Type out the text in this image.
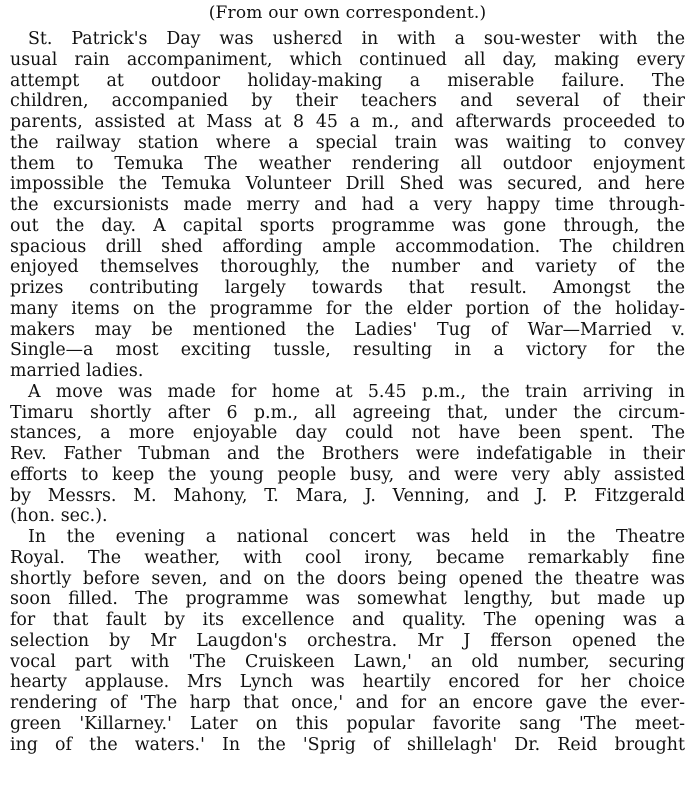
(From our own correspondent.)
St. Patrick's Day was usherεd in with a sou-wester with the
usual rain accompaniment, which continued all day, making every
attempt at outdoor holiday-making a miserable failure. The
children, accompanied by their teachers and several of their
parents, assisted at Mass at 8 45 a m., and afterwards proceeded to
the railway station where a special train was waiting to convey
them to Temuka The weather rendering all outdoor enjoyment
impossible the Temuka Volunteer Drill Shed was secured, and here
the excursionists made merry and had a very happy time through-
out the day. A capital sports programme was gone through, the
spacious drill shed affording ample accommodation. The children
enjoyed themselves thoroughly, the number and variety of the
prizes contributing largely towards that result. Amongst the
many items on the programme for the elder portion of the holiday-
makers may be mentioned the Ladies' Tug of War—Married v.
Single—a most exciting tussle, resulting in a victory for the
married ladies.
A move was made for home at 5.45 p.m., the train arriving in
Timaru shortly after 6 p.m., all agreeing that, under the circum-
stances, a more enjoyable day could not have been spent. The
Rev. Father Tubman and the Brothers were indefatigable in their
efforts to keep the young people busy, and were very ably assisted
by Messrs. M. Mahony, T. Mara, J. Venning, and J. P. Fitzgerald
(hon. sec.).
In the evening a national concert was held in the Theatre
Royal. The weather, with cool irony, became remarkably fine
shortly before seven, and on the doors being opened the theatre was
soon filled. The programme was somewhat lengthy, but made up
for that fault by its excellence and quality. The opening was a
selection by Mr Laugdon's orchestra. Mr J fferson opened the
vocal part with 'The Cruiskeen Lawn,' an old number, securing
hearty applause. Mrs Lynch was heartily encored for her choice
rendering of 'The harp that once,' and for an encore gave the ever-
green 'Killarney.' Later on this popular favorite sang 'The meet-
ing of the waters.' In the 'Sprig of shillelagh' Dr. Reid brought
